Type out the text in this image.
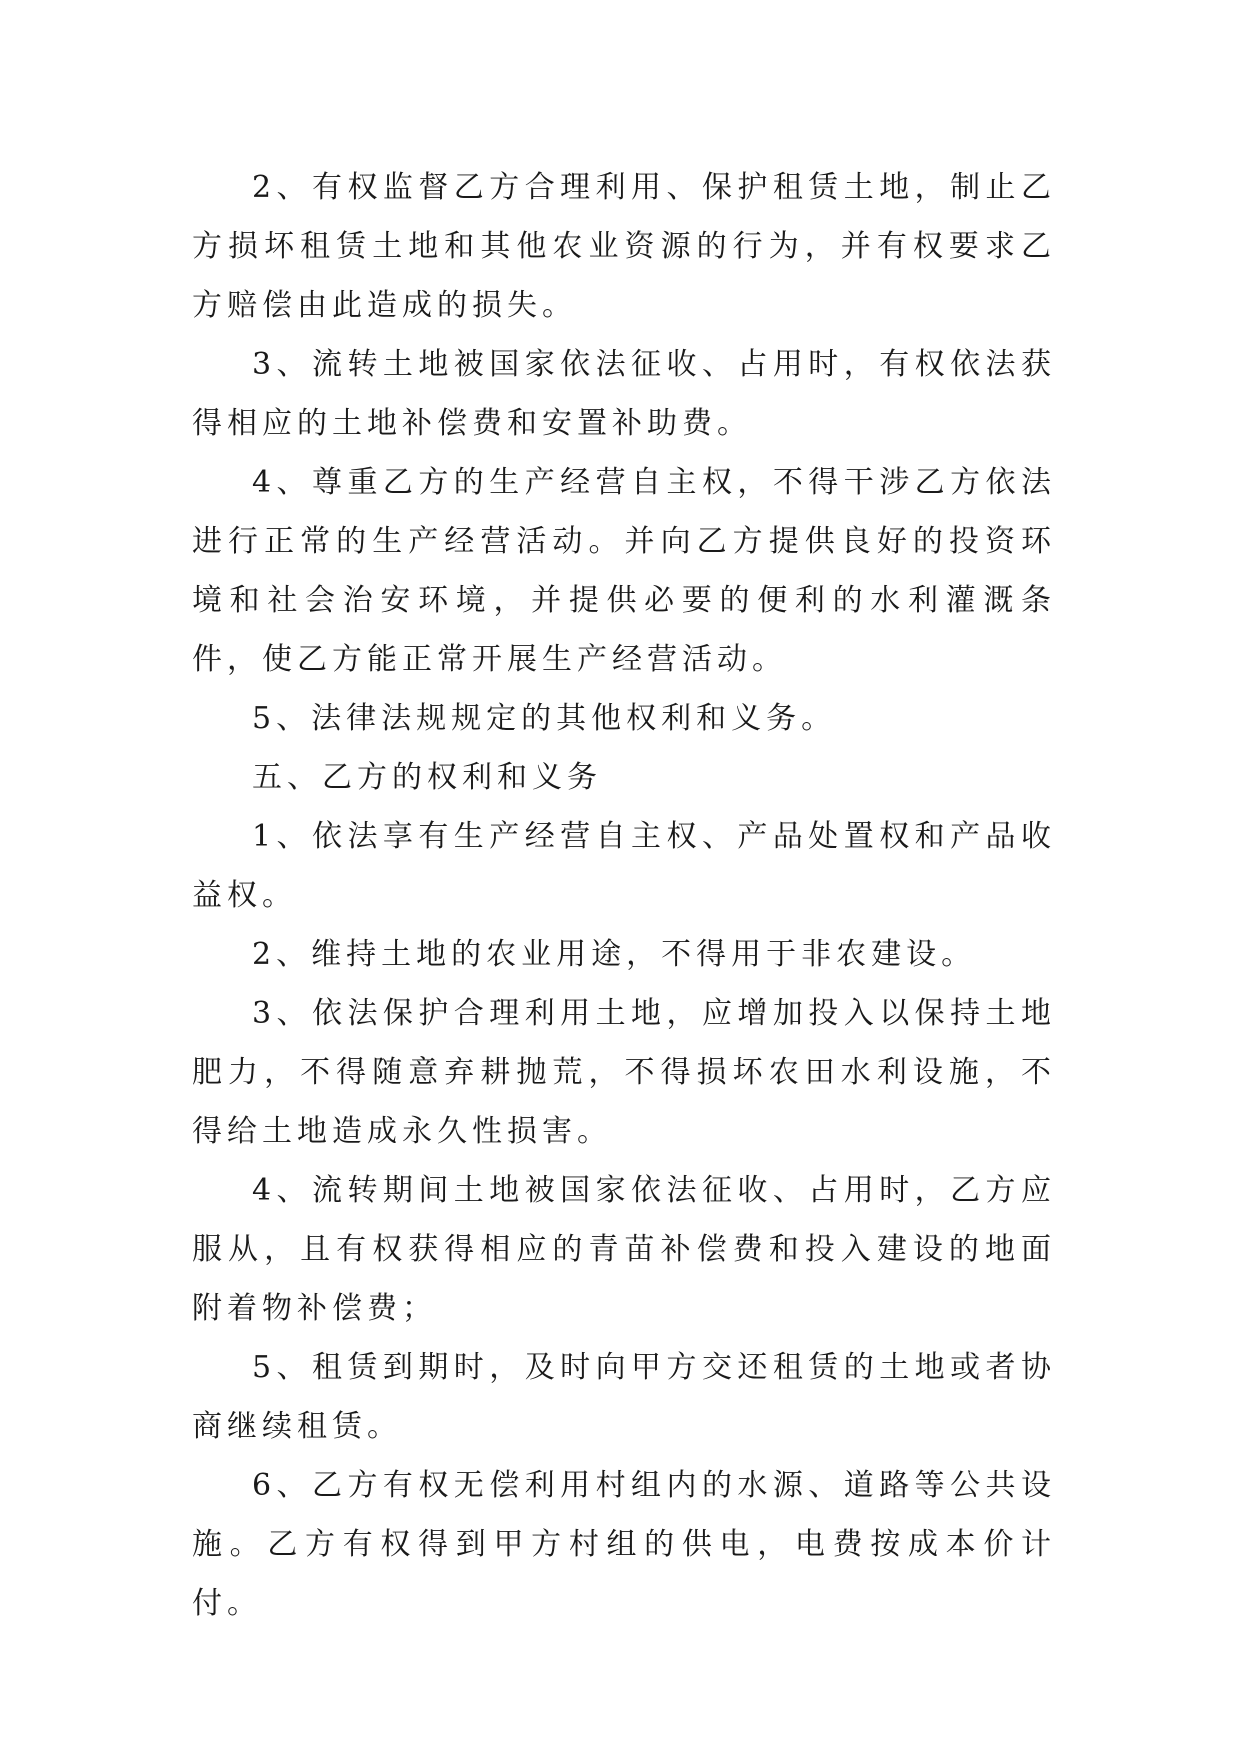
2、有权监督乙方合理利用、保护租赁土地，制止乙方损坏租赁土地和其他农业资源的行为，并有权要求乙方赔偿由此造成的损失。

3、流转土地被国家依法征收、占用时，有权依法获得相应的土地补偿费和安置补助费。

4、尊重乙方的生产经营自主权，不得干涉乙方依法进行正常的生产经营活动。并向乙方提供良好的投资环境和社会治安环境，并提供必要的便利的水利灌溉条件，使乙方能正常开展生产经营活动。

5、法律法规规定的其他权利和义务。

五、乙方的权利和义务

1、依法享有生产经营自主权、产品处置权和产品收益权。

2、维持土地的农业用途，不得用于非农建设。

3、依法保护合理利用土地，应增加投入以保持土地肥力，不得随意弃耕抛荒，不得损坏农田水利设施，不得给土地造成永久性损害。

4、流转期间土地被国家依法征收、占用时，乙方应服从，且有权获得相应的青苗补偿费和投入建设的地面附着物补偿费；

5、租赁到期时，及时向甲方交还租赁的土地或者协商继续租赁。

6、乙方有权无偿利用村组内的水源、道路等公共设施。乙方有权得到甲方村组的供电，电费按成本价计付。
